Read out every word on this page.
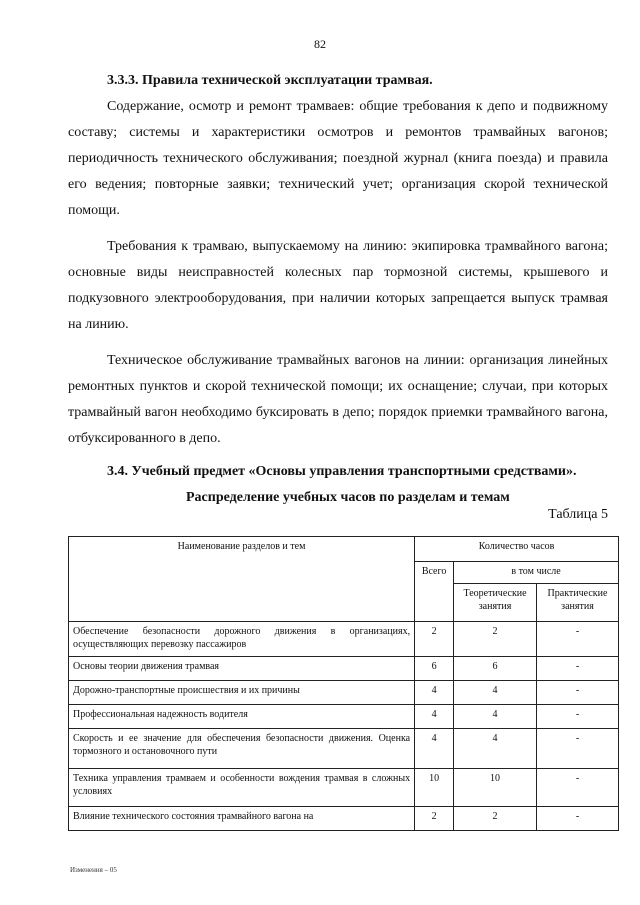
82
3.3.3. Правила технической эксплуатации трамвая.

Содержание, осмотр и ремонт трамваев: общие требования к депо и подвижному составу; системы и характеристики осмотров и ремонтов трамвайных вагонов; периодичность технического обслуживания; поездной журнал (книга поезда) и правила его ведения; повторные заявки; технический учет; организация скорой технической помощи.

Требования к трамваю, выпускаемому на линию: экипировка трамвайного вагона; основные виды неисправностей колесных пар тормозной системы, крышевого и подкузовного электрооборудования, при наличии которых запрещается выпуск трамвая на линию.

Техническое обслуживание трамвайных вагонов на линии: организация линейных ремонтных пунктов и скорой технической помощи; их оснащение; случаи, при которых трамвайный вагон необходимо буксировать в депо; порядок приемки трамвайного вагона, отбуксированного в депо.

3.4. Учебный предмет «Основы управления транспортными средствами».
Распределение учебных часов по разделам и темам
Таблица 5
Наименование разделов и тем	Количество часов		
	Всего	в том числе	
		Теоретические занятия	Практические занятия
Обеспечение безопасности дорожного движения в организациях, осуществляющих перевозку пассажиров	2	2	-
Основы теории движения трамвая	6	6	-
Дорожно-транспортные происшествия и их причины	4	4	-
Профессиональная надежность водителя	4	4	-
Скорость и ее значение для обеспечения безопасности движения. Оценка тормозного и остановочного пути	4	4	-
Техника управления трамваем и особенности вождения трамвая в сложных условиях	10	10	-
Влияние технического состояния трамвайного вагона на	2	2	-
Изменения – 05
